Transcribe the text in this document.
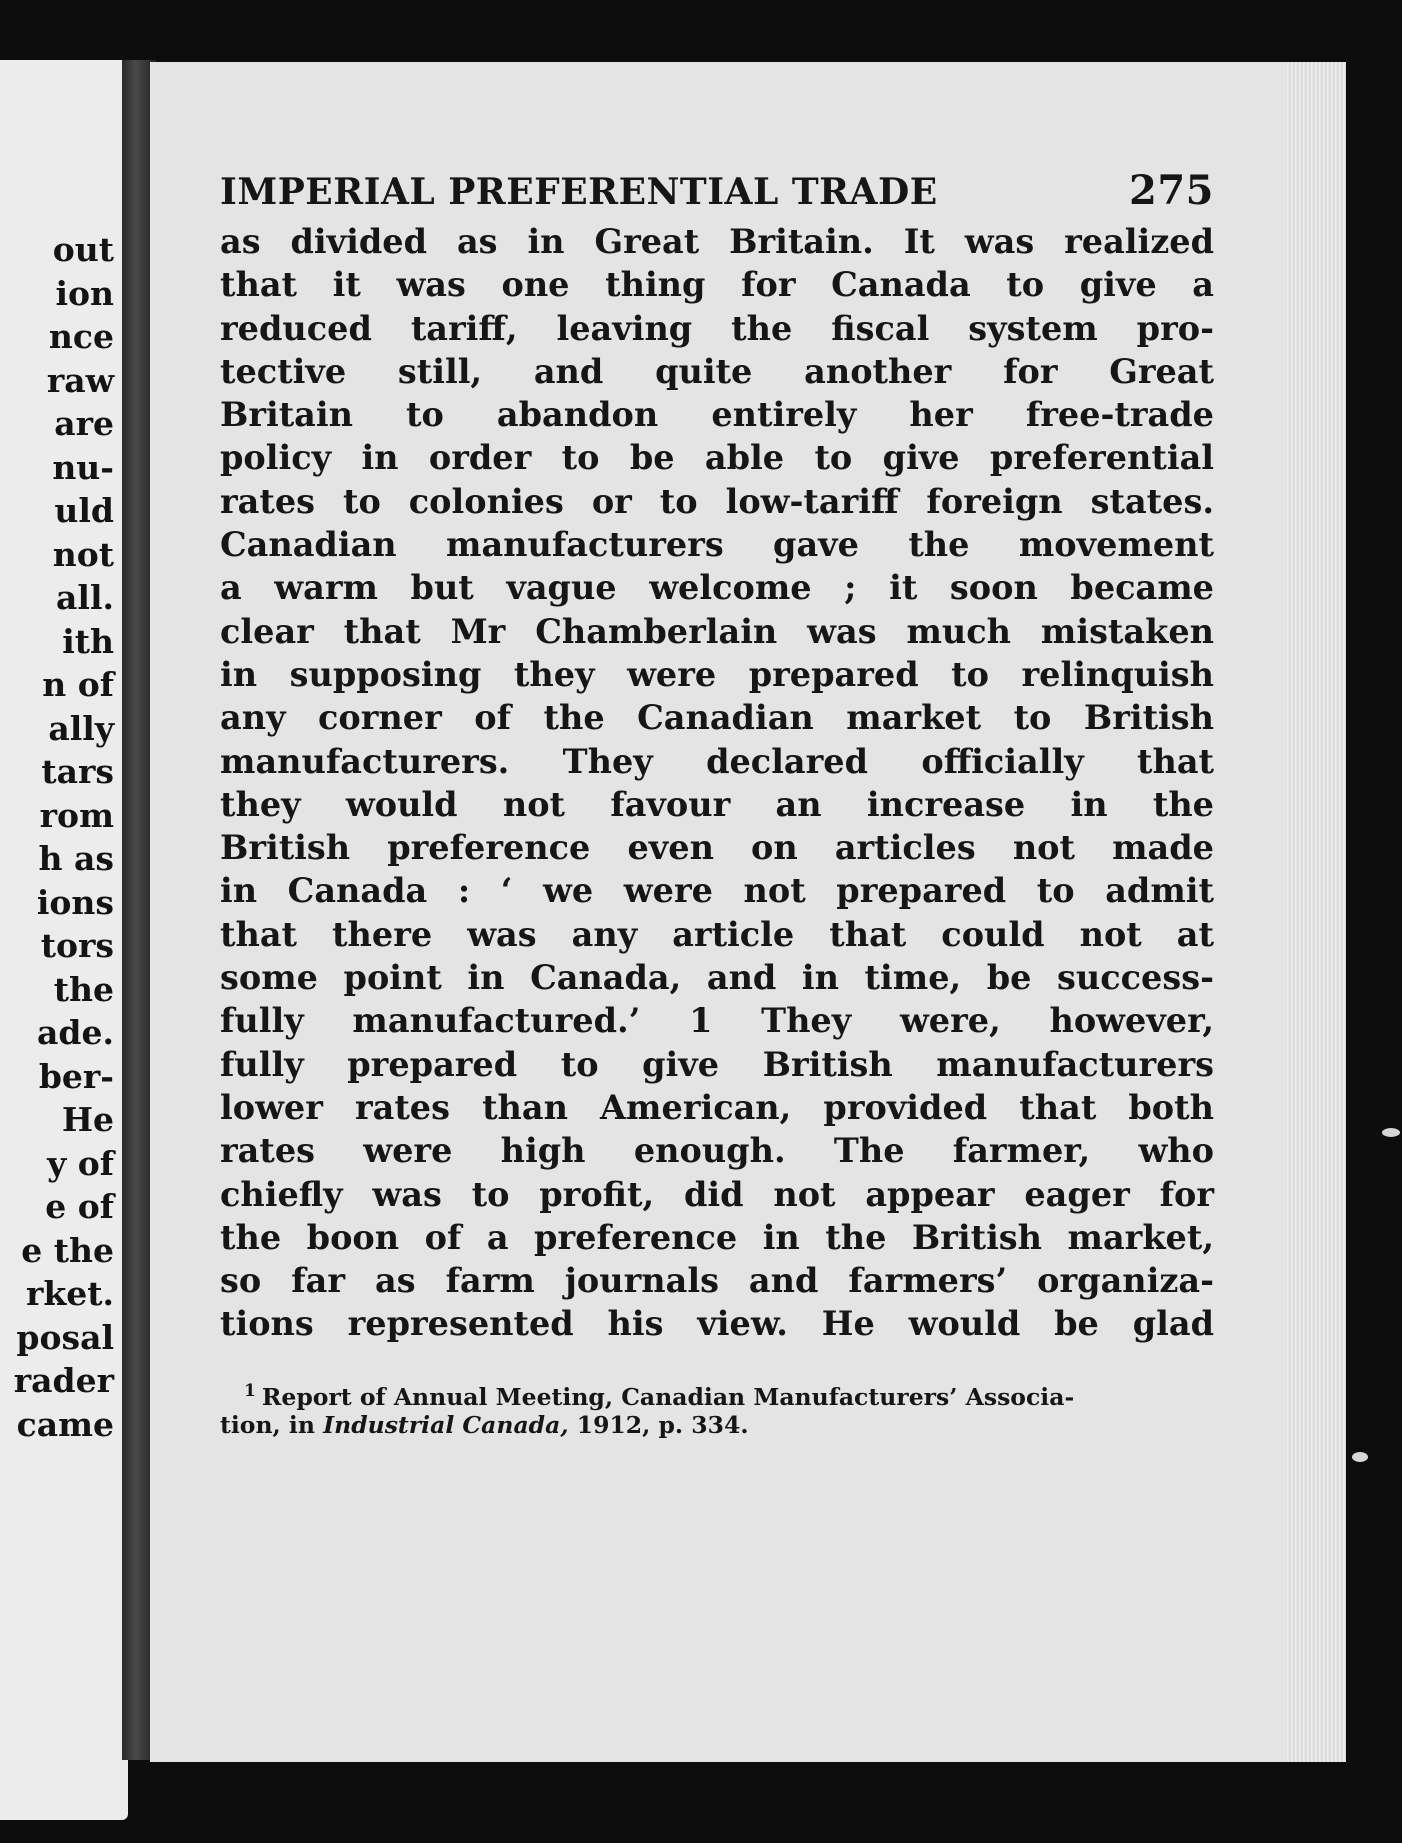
out
ion
nce
raw
are
nu-
uld
not
all.
ith
n of
ally
tars
rom
h as
ions
tors
the
ade.
ber-
He
y of
e of
e the
rket.
posal
rader
came
IMPERIAL PREFERENTIAL TRADE	275
as divided as in Great Britain. It was realized
that it was one thing for Canada to give a
reduced tariff, leaving the fiscal system pro-
tective still, and quite another for Great
Britain to abandon entirely her free-trade
policy in order to be able to give preferential
rates to colonies or to low-tariff foreign states.
Canadian manufacturers gave the movement
a warm but vague welcome ; it soon became
clear that Mr Chamberlain was much mistaken
in supposing they were prepared to relinquish
any corner of the Canadian market to British
manufacturers. They declared officially that
they would not favour an increase in the
British preference even on articles not made
in Canada : ‘ we were not prepared to admit
that there was any article that could not at
some point in Canada, and in time, be success-
fully manufactured.’ 1 They were, however,
fully prepared to give British manufacturers
lower rates than American, provided that both
rates were high enough. The farmer, who
chiefly was to profit, did not appear eager for
the boon of a preference in the British market,
so far as farm journals and farmers’ organiza-
tions represented his view. He would be glad
$^1$ Report of Annual Meeting, Canadian Manufacturers’ Associa-
tion, in Industrial Canada, 1912, p. 334.
